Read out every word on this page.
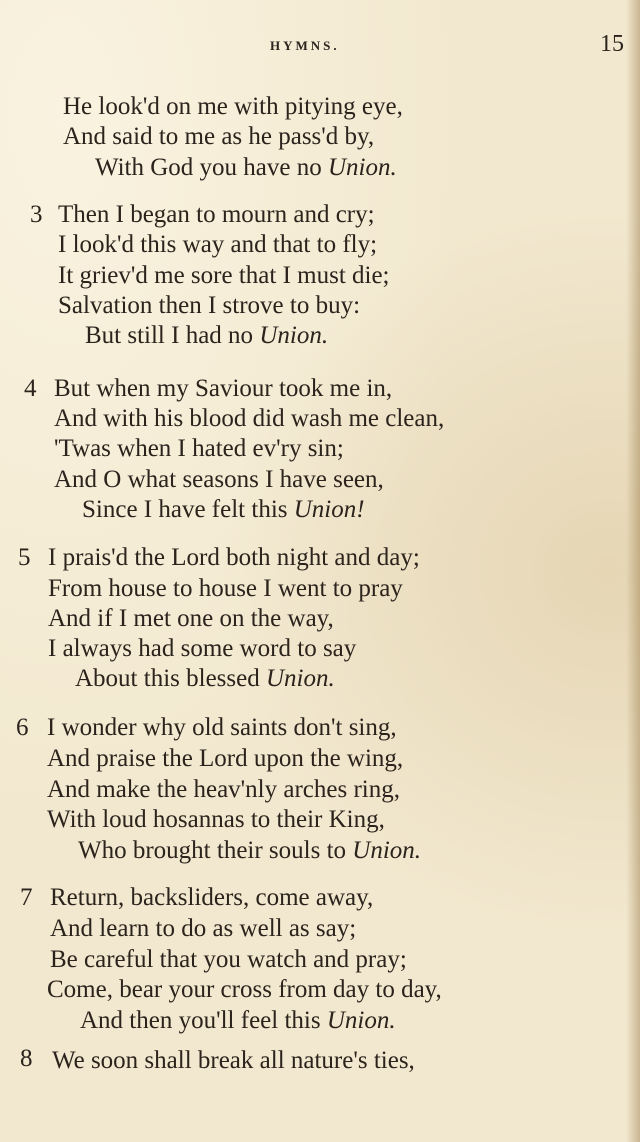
HYMNS.	15
He look'd on me with pitying eye,
And said to me as he pass'd by,
With God you have no Union.
3 Then I began to mourn and cry;
I look'd this way and that to fly;
It griev'd me sore that I must die;
Salvation then I strove to buy:
But still I had no Union.
4 But when my Saviour took me in,
And with his blood did wash me clean,
'Twas when I hated ev'ry sin;
And O what seasons I have seen,
Since I have felt this Union!
5 I prais'd the Lord both night and day;
From house to house I went to pray
And if I met one on the way,
I always had some word to say
About this blessed Union.
6 I wonder why old saints don't sing,
And praise the Lord upon the wing,
And make the heav'nly arches ring,
With loud hosannas to their King,
Who brought their souls to Union.
7 Return, backsliders, come away,
And learn to do as well as say;
Be careful that you watch and pray;
Come, bear your cross from day to day,
And then you'll feel this Union.
8 We soon shall break all nature's ties,
